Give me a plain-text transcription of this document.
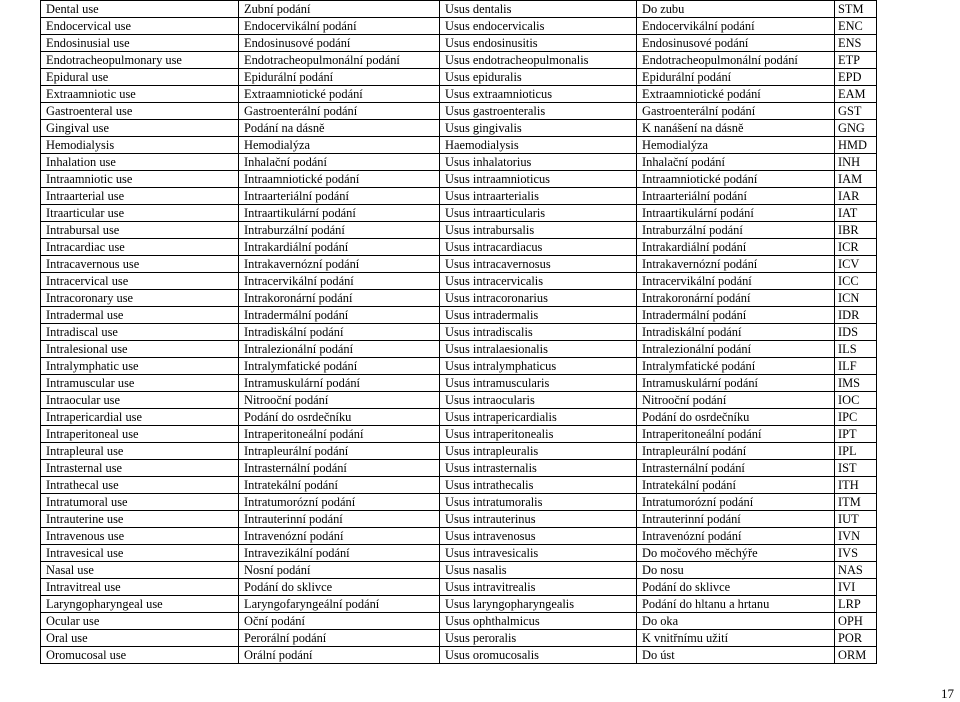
Dental use	Zubní podání	Usus dentalis	Do zubu	STM
Endocervical use	Endocervikální podání	Usus endocervicalis	Endocervikální podání	ENC
Endosinusial use	Endosinusové podání	Usus endosinusitis	Endosinusové podání	ENS
Endotracheopulmonary use	Endotracheopulmonální podání	Usus endotracheopulmonalis	Endotracheopulmonální podání	ETP
Epidural use	Epidurální podání	Usus epiduralis	Epidurální podání	EPD
Extraamniotic use	Extraamniotické podání	Usus extraamnioticus	Extraamniotické podání	EAM
Gastroenteral use	Gastroenterální podání	Usus gastroenteralis	Gastroenterální podání	GST
Gingival use	Podání na dásně	Usus gingivalis	K nanášení na dásně	GNG
Hemodialysis	Hemodialýza	Haemodialysis	Hemodialýza	HMD
Inhalation use	Inhalační podání	Usus inhalatorius	Inhalační podání	INH
Intraamniotic use	Intraamniotické podání	Usus intraamnioticus	Intraamniotické podání	IAM
Intraarterial use	Intraarteriální podání	Usus intraarterialis	Intraarteriální podání	IAR
Itraarticular use	Intraartikulární podání	Usus intraarticularis	Intraartikulární podání	IAT
Intrabursal use	Intraburzální podání	Usus intrabursalis	Intraburzální podání	IBR
Intracardiac use	Intrakardiální podání	Usus intracardiacus	Intrakardiální podání	ICR
Intracavernous use	Intrakavernózní podání	Usus intracavernosus	Intrakavernózní podání	ICV
Intracervical use	Intracervikální podání	Usus intracervicalis	Intracervikální podání	ICC
Intracoronary use	Intrakoronární podání	Usus intracoronarius	Intrakoronární podání	ICN
Intradermal use	Intradermální podání	Usus intradermalis	Intradermální podání	IDR
Intradiscal use	Intradiskální podání	Usus intradiscalis	Intradiskální podání	IDS
Intralesional use	Intralezionální podání	Usus intralaesionalis	Intralezionální podání	ILS
Intralymphatic use	Intralymfatické podání	Usus intralymphaticus	Intralymfatické podání	ILF
Intramuscular use	Intramuskulární podání	Usus intramuscularis	Intramuskulární podání	IMS
Intraocular use	Nitrooční podání	Usus intraocularis	Nitrooční podání	IOC
Intrapericardial use	Podání do osrdečníku	Usus intrapericardialis	Podání do osrdečníku	IPC
Intraperitoneal use	Intraperitoneální podání	Usus intraperitonealis	Intraperitoneální podání	IPT
Intrapleural use	Intrapleurální podání	Usus intrapleuralis	Intrapleurální podání	IPL
Intrasternal use	Intrasternální podání	Usus intrasternalis	Intrasternální podání	IST
Intrathecal use	Intratekální podání	Usus intrathecalis	Intratekální podání	ITH
Intratumoral use	Intratumorózní podání	Usus intratumoralis	Intratumorózní podání	ITM
Intrauterine use	Intrauterinní podání	Usus intrauterinus	Intrauterinní podání	IUT
Intravenous use	Intravenózní podání	Usus intravenosus	Intravenózní podání	IVN
Intravesical use	Intravezikální podání	Usus intravesicalis	Do močového měchýře	IVS
Nasal use	Nosní podání	Usus nasalis	Do nosu	NAS
Intravitreal use	Podání do sklivce	Usus intravitrealis	Podání do sklivce	IVI
Laryngopharyngeal use	Laryngofaryngeální podání	Usus laryngopharyngealis	Podání do hltanu a hrtanu	LRP
Ocular use	Oční podání	Usus ophthalmicus	Do oka	OPH
Oral use	Perorální podání	Usus peroralis	K vnitřnímu užití	POR
Oromucosal use	Orální podání	Usus oromucosalis	Do úst	ORM
17
